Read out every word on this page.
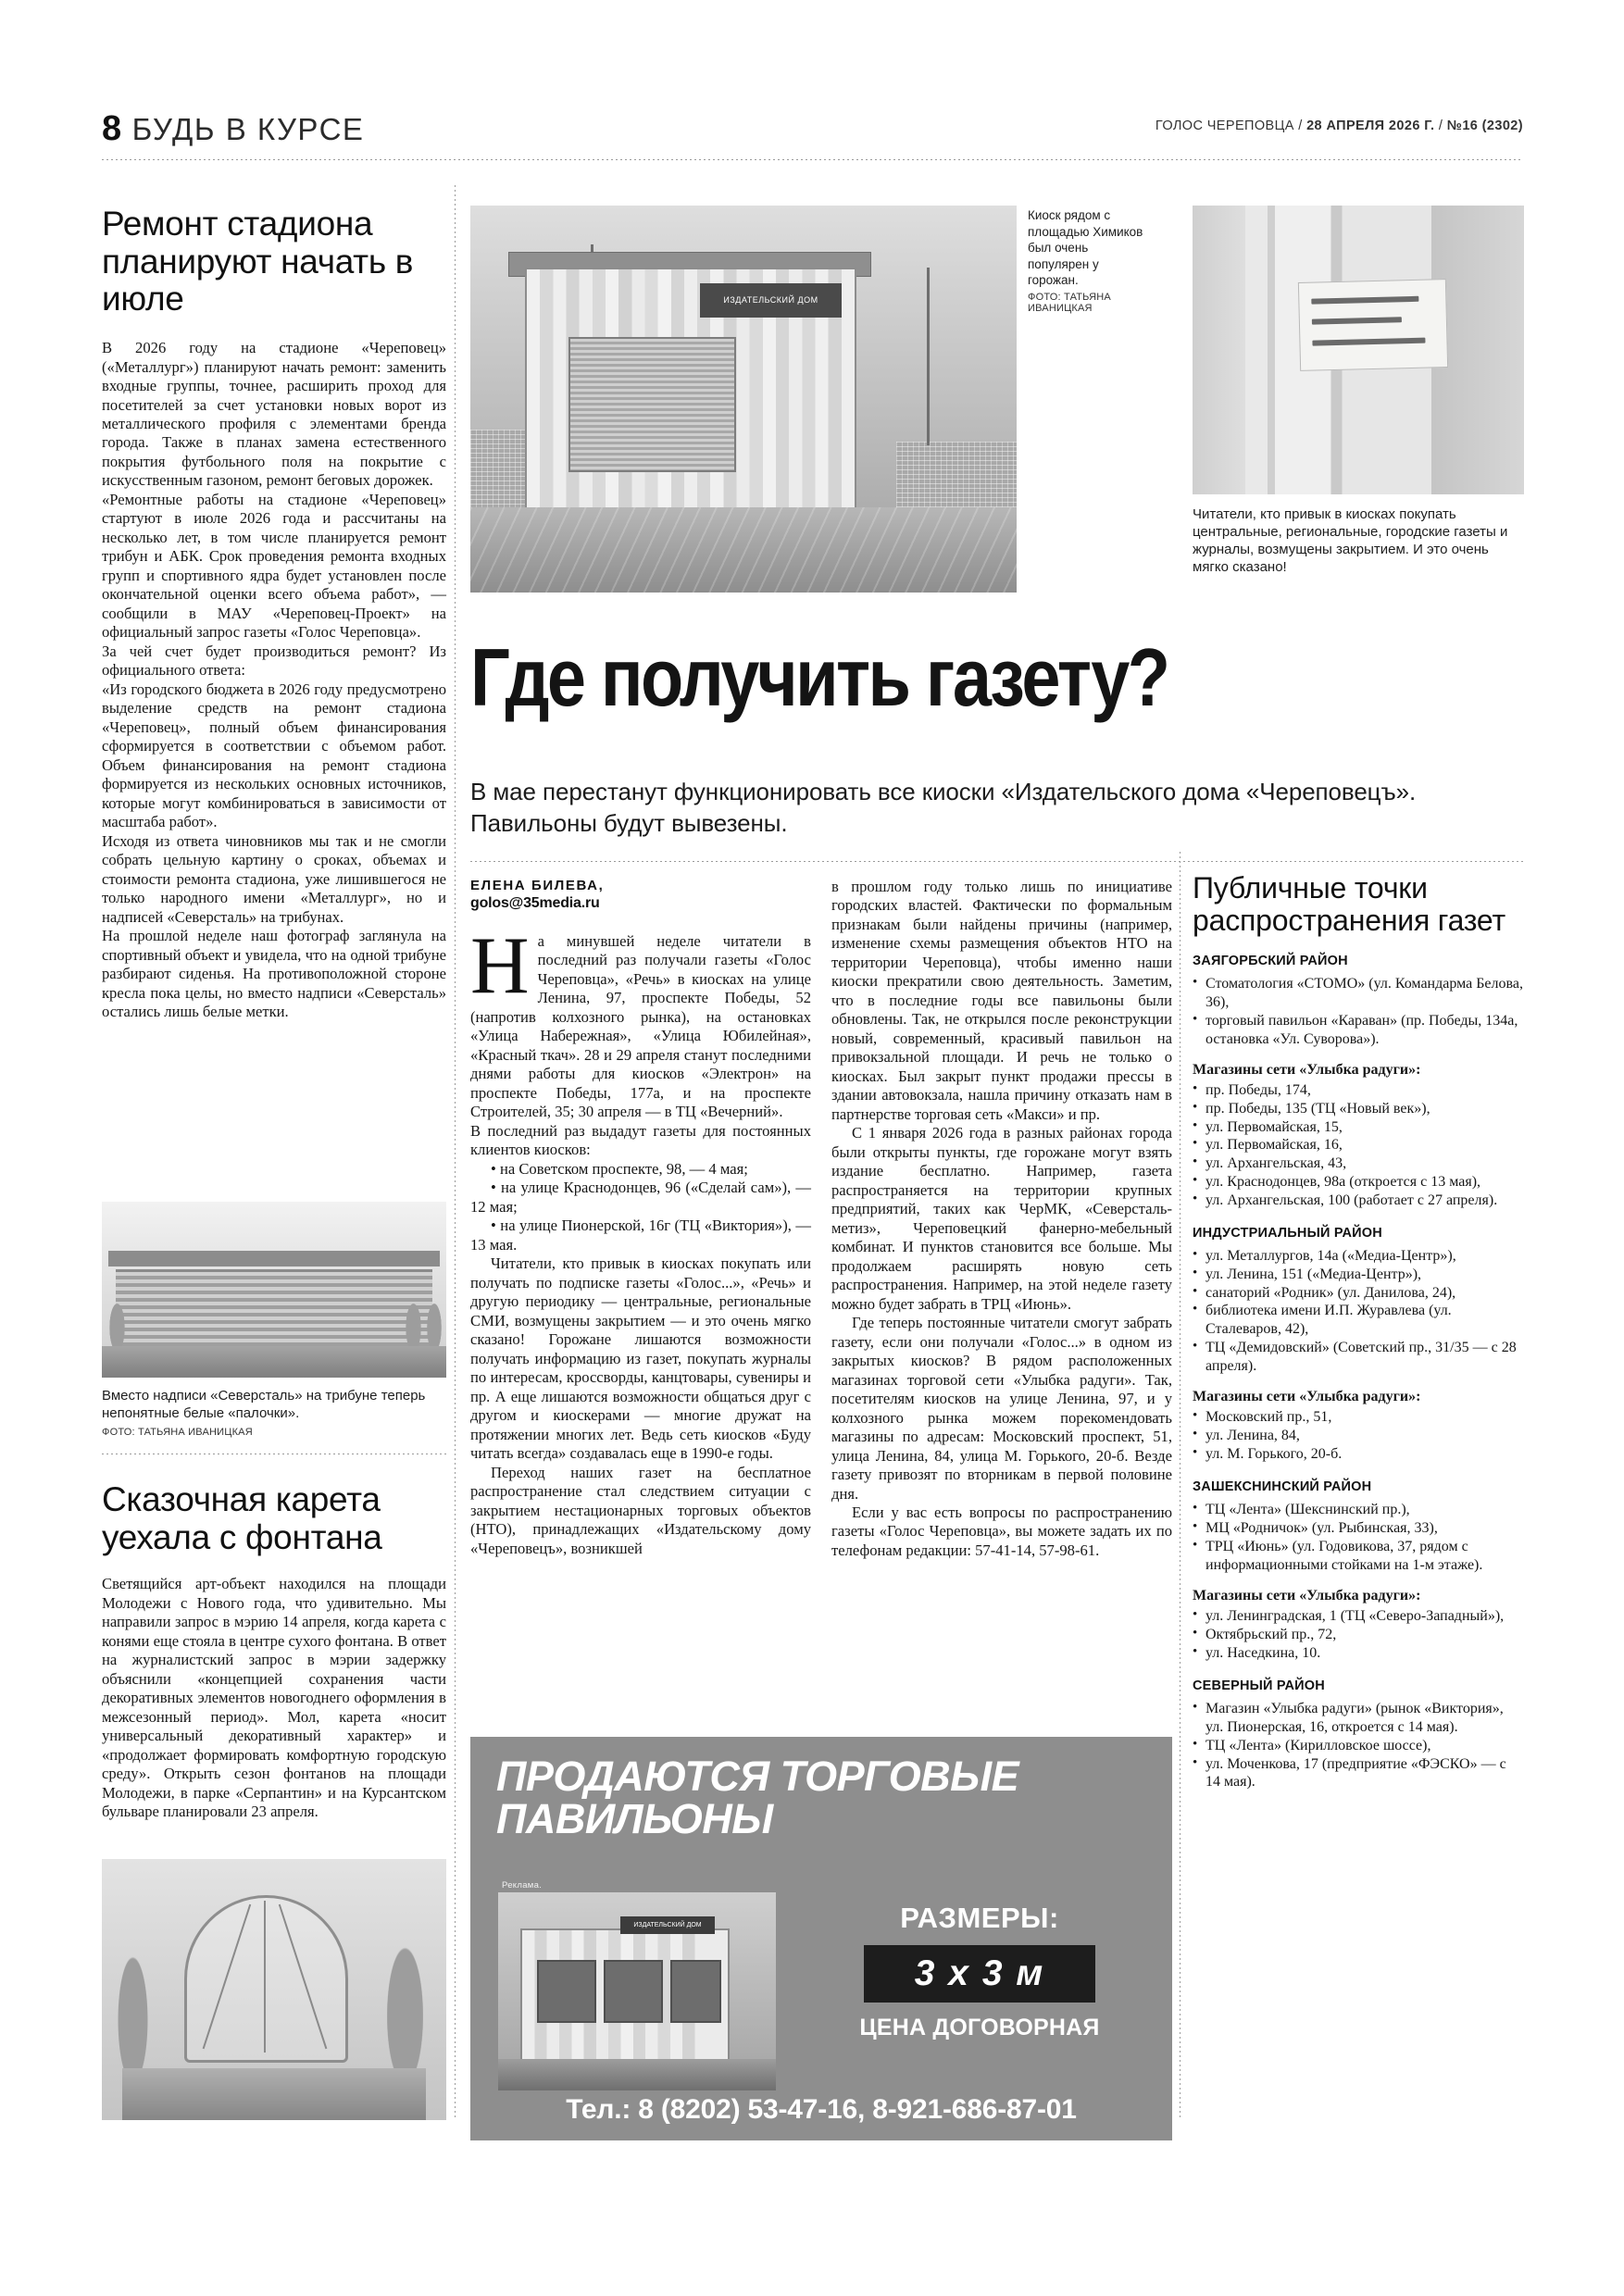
8 БУДЬ В КУРСЕ	ГОЛОС ЧЕРЕПОВЦА / 28 АПРЕЛЯ 2026 Г. / №16 (2302)
Ремонт стадиона планируют начать в июле

В 2026 году на стадионе «Череповец» («Металлург») планируют начать ремонт: заменить входные группы, точнее, расширить проход для посетителей за счет установки новых ворот из металлического профиля с элементами бренда города. Также в планах замена естественного покрытия футбольного поля на покрытие с искусственным газоном, ремонт беговых дорожек.

«Ремонтные работы на стадионе «Череповец» стартуют в июле 2026 года и рассчитаны на несколько лет, в том числе планируется ремонт трибун и АБК. Срок проведения ремонта входных групп и спортивного ядра будет установлен после окончательной оценки всего объема работ», — сообщили в МАУ «Череповец-Проект» на официальный запрос газеты «Голос Череповца».

За чей счет будет производиться ремонт? Из официального ответа:

«Из городского бюджета в 2026 году предусмотрено выделение средств на ремонт стадиона «Череповец», полный объем финансирования сформируется в соответствии с объемом работ. Объем финансирования на ремонт стадиона формируется из нескольких основных источников, которые могут комбинироваться в зависимости от масштаба работ».

Исходя из ответа чиновников мы так и не смогли собрать цельную картину о сроках, объемах и стоимости ремонта стадиона, уже лишившегося не только народного имени «Металлург», но и надписей «Северсталь» на трибунах.

На прошлой неделе наш фотограф заглянула на спортивный объект и увидела, что на одной трибуне разбирают сиденья. На противоположной стороне кресла пока целы, но вместо надписи «Северсталь» остались лишь белые метки.

Вместо надписи «Северсталь» на трибуне теперь непонятные белые «палочки». ФОТО: ТАТЬЯНА ИВАНИЦКАЯ
Сказочная карета уехала с фонтана

Светящийся арт-объект находился на площади Молодежи с Нового года, что удивительно. Мы направили запрос в мэрию 14 апреля, когда карета с конями еще стояла в центре сухого фонтана. В ответ на журналистский запрос в мэрии задержку объяснили «концепцией сохранения части декоративных элементов новогоднего оформления в межсезонный период». Мол, карета «носит универсальный декоративный характер» и «продолжает формировать комфортную городскую среду». Открыть сезон фонтанов на площади Молодежи, в парке «Серпантин» и на Курсантском бульваре планировали 23 апреля.

ИЗДАТЕЛЬСКИЙ ДОМ
Киоск рядом с площадью Химиков был очень популярен у горожан.
ФОТО: ТАТЬЯНА ИВАНИЦКАЯ
Читатели, кто привык в киосках покупать центральные, региональные, городские газеты и журналы, возмущены закрытием. И это очень мягко сказано!
Где получить газету?
В мае перестанут функционировать все киоски «Издательского дома «Череповецъ». Павильоны будут вывезены.
ЕЛЕНА БИЛЕВА,
golos@35media.ru

На минувшей неделе читатели в последний раз получали газеты «Голос Череповца», «Речь» в киосках на улице Ленина, 97, проспекте Победы, 52 (напротив колхозного рынка), на остановках «Улица Набережная», «Улица Юбилейная», «Красный ткач». 28 и 29 апреля станут последними днями работы для киосков «Электрон» на проспекте Победы, 177а, и на проспекте Строителей, 35; 30 апреля — в ТЦ «Вечерний».

В последний раз выдадут газеты для постоянных клиентов киосков:

• на Советском проспекте, 98, — 4 мая;

• на улице Краснодонцев, 96 («Сделай сам»), — 12 мая;

• на улице Пионерской, 16г (ТЦ «Виктория»), — 13 мая.

Читатели, кто привык в киосках покупать или получать по подписке газеты «Голос...», «Речь» и другую периодику — центральные, региональные СМИ, возмущены закрытием — и это очень мягко сказано! Горожане лишаются возможности получать информацию из газет, покупать журналы по интересам, кроссворды, канцтовары, сувениры и пр. А еще лишаются возможности общаться друг с другом и киоскерами — многие дружат на протяжении многих лет. Ведь сеть киосков «Буду читать всегда» создавалась еще в 1990-е годы.

Переход наших газет на бесплатное распространение стал следствием ситуации с закрытием нестационарных торговых объектов (НТО), принадлежащих «Издательскому дому «Череповецъ», возникшей

в прошлом году только лишь по инициативе городских властей. Фактически по формальным признакам были найдены причины (например, изменение схемы размещения объектов НТО на территории Череповца), чтобы именно наши киоски прекратили свою деятельность. Заметим, что в последние годы все павильоны были обновлены. Так, не открылся после реконструкции новый, современный, красивый павильон на привокзальной площади. И речь не только о киосках. Был закрыт пункт продажи прессы в здании автовокзала, нашла причину отказать нам в партнерстве торговая сеть «Макси» и пр.

С 1 января 2026 года в разных районах города были открыты пункты, где горожане могут взять издание бесплатно. Например, газета распространяется на территории крупных предприятий, таких как ЧерМК, «Северсталь-метиз», Череповецкий фанерно-мебельный комбинат. И пунктов становится все больше. Мы продолжаем расширять новую сеть распространения. Например, на этой неделе газету можно будет забрать в ТРЦ «Июнь».

Где теперь постоянные читатели смогут забрать газету, если они получали «Голос...» в одном из закрытых киосков? В рядом расположенных магазинах торговой сети «Улыбка радуги». Так, посетителям киосков на улице Ленина, 97, и у колхозного рынка можем порекомендовать магазины по адресам: Московский проспект, 51, улица Ленина, 84, улица М. Горького, 20-б. Везде газету привозят по вторникам в первой половине дня.

Если у вас есть вопросы по распространению газеты «Голос Череповца», вы можете задать их по телефонам редакции: 57-41-14, 57-98-61.

ПРОДАЮТСЯ ТОРГОВЫЕ ПАВИЛЬОНЫ
Реклама.
ИЗДАТЕЛЬСКИЙ ДОМ	РАЗМЕРЫ:
3 х 3 м
ЦЕНА ДОГОВОРНАЯ
Тел.: 8 (8202) 53-47-16, 8-921-686-87-01
Публичные точки распространения газет

ЗАЯГОРБСКИЙ РАЙОН

• Стоматология «СТОМО» (ул. Командарма Белова, 36),
• торговый павильон «Караван» (пр. Победы, 134а, остановка «Ул. Суворова»).

Магазины сети «Улыбка радуги»:

• пр. Победы, 174,
• пр. Победы, 135 (ТЦ «Новый век»),
• ул. Первомайская, 15,
• ул. Первомайская, 16,
• ул. Архангельская, 43,
• ул. Краснодонцев, 98а (откроется с 13 мая),
• ул. Архангельская, 100 (работает с 27 апреля).

ИНДУСТРИАЛЬНЫЙ РАЙОН

• ул. Металлургов, 14а («Медиа-Центр»),
• ул. Ленина, 151 («Медиа-Центр»),
• санаторий «Родник» (ул. Данилова, 24),
• библиотека имени И.П. Журавлева (ул. Сталеваров, 42),
• ТЦ «Демидовский» (Советский пр., 31/35 — с 28 апреля).

Магазины сети «Улыбка радуги»:

• Московский пр., 51,
• ул. Ленина, 84,
• ул. М. Горького, 20-б.

ЗАШЕКСНИНСКИЙ РАЙОН

• ТЦ «Лента» (Шекснинский пр.),
• МЦ «Родничок» (ул. Рыбинская, 33),
• ТРЦ «Июнь» (ул. Годовикова, 37, рядом с информационными стойками на 1-м этаже).

Магазины сети «Улыбка радуги»:

• ул. Ленинградская, 1 (ТЦ «Северо-Западный»),
• Октябрьский пр., 72,
• ул. Наседкина, 10.

СЕВЕРНЫЙ РАЙОН

• Магазин «Улыбка радуги» (рынок «Виктория», ул. Пионерская, 16, откроется с 14 мая).
• ТЦ «Лента» (Кирилловское шоссе),
• ул. Моченкова, 17 (предприятие «ФЭСКО» — с 14 мая).
